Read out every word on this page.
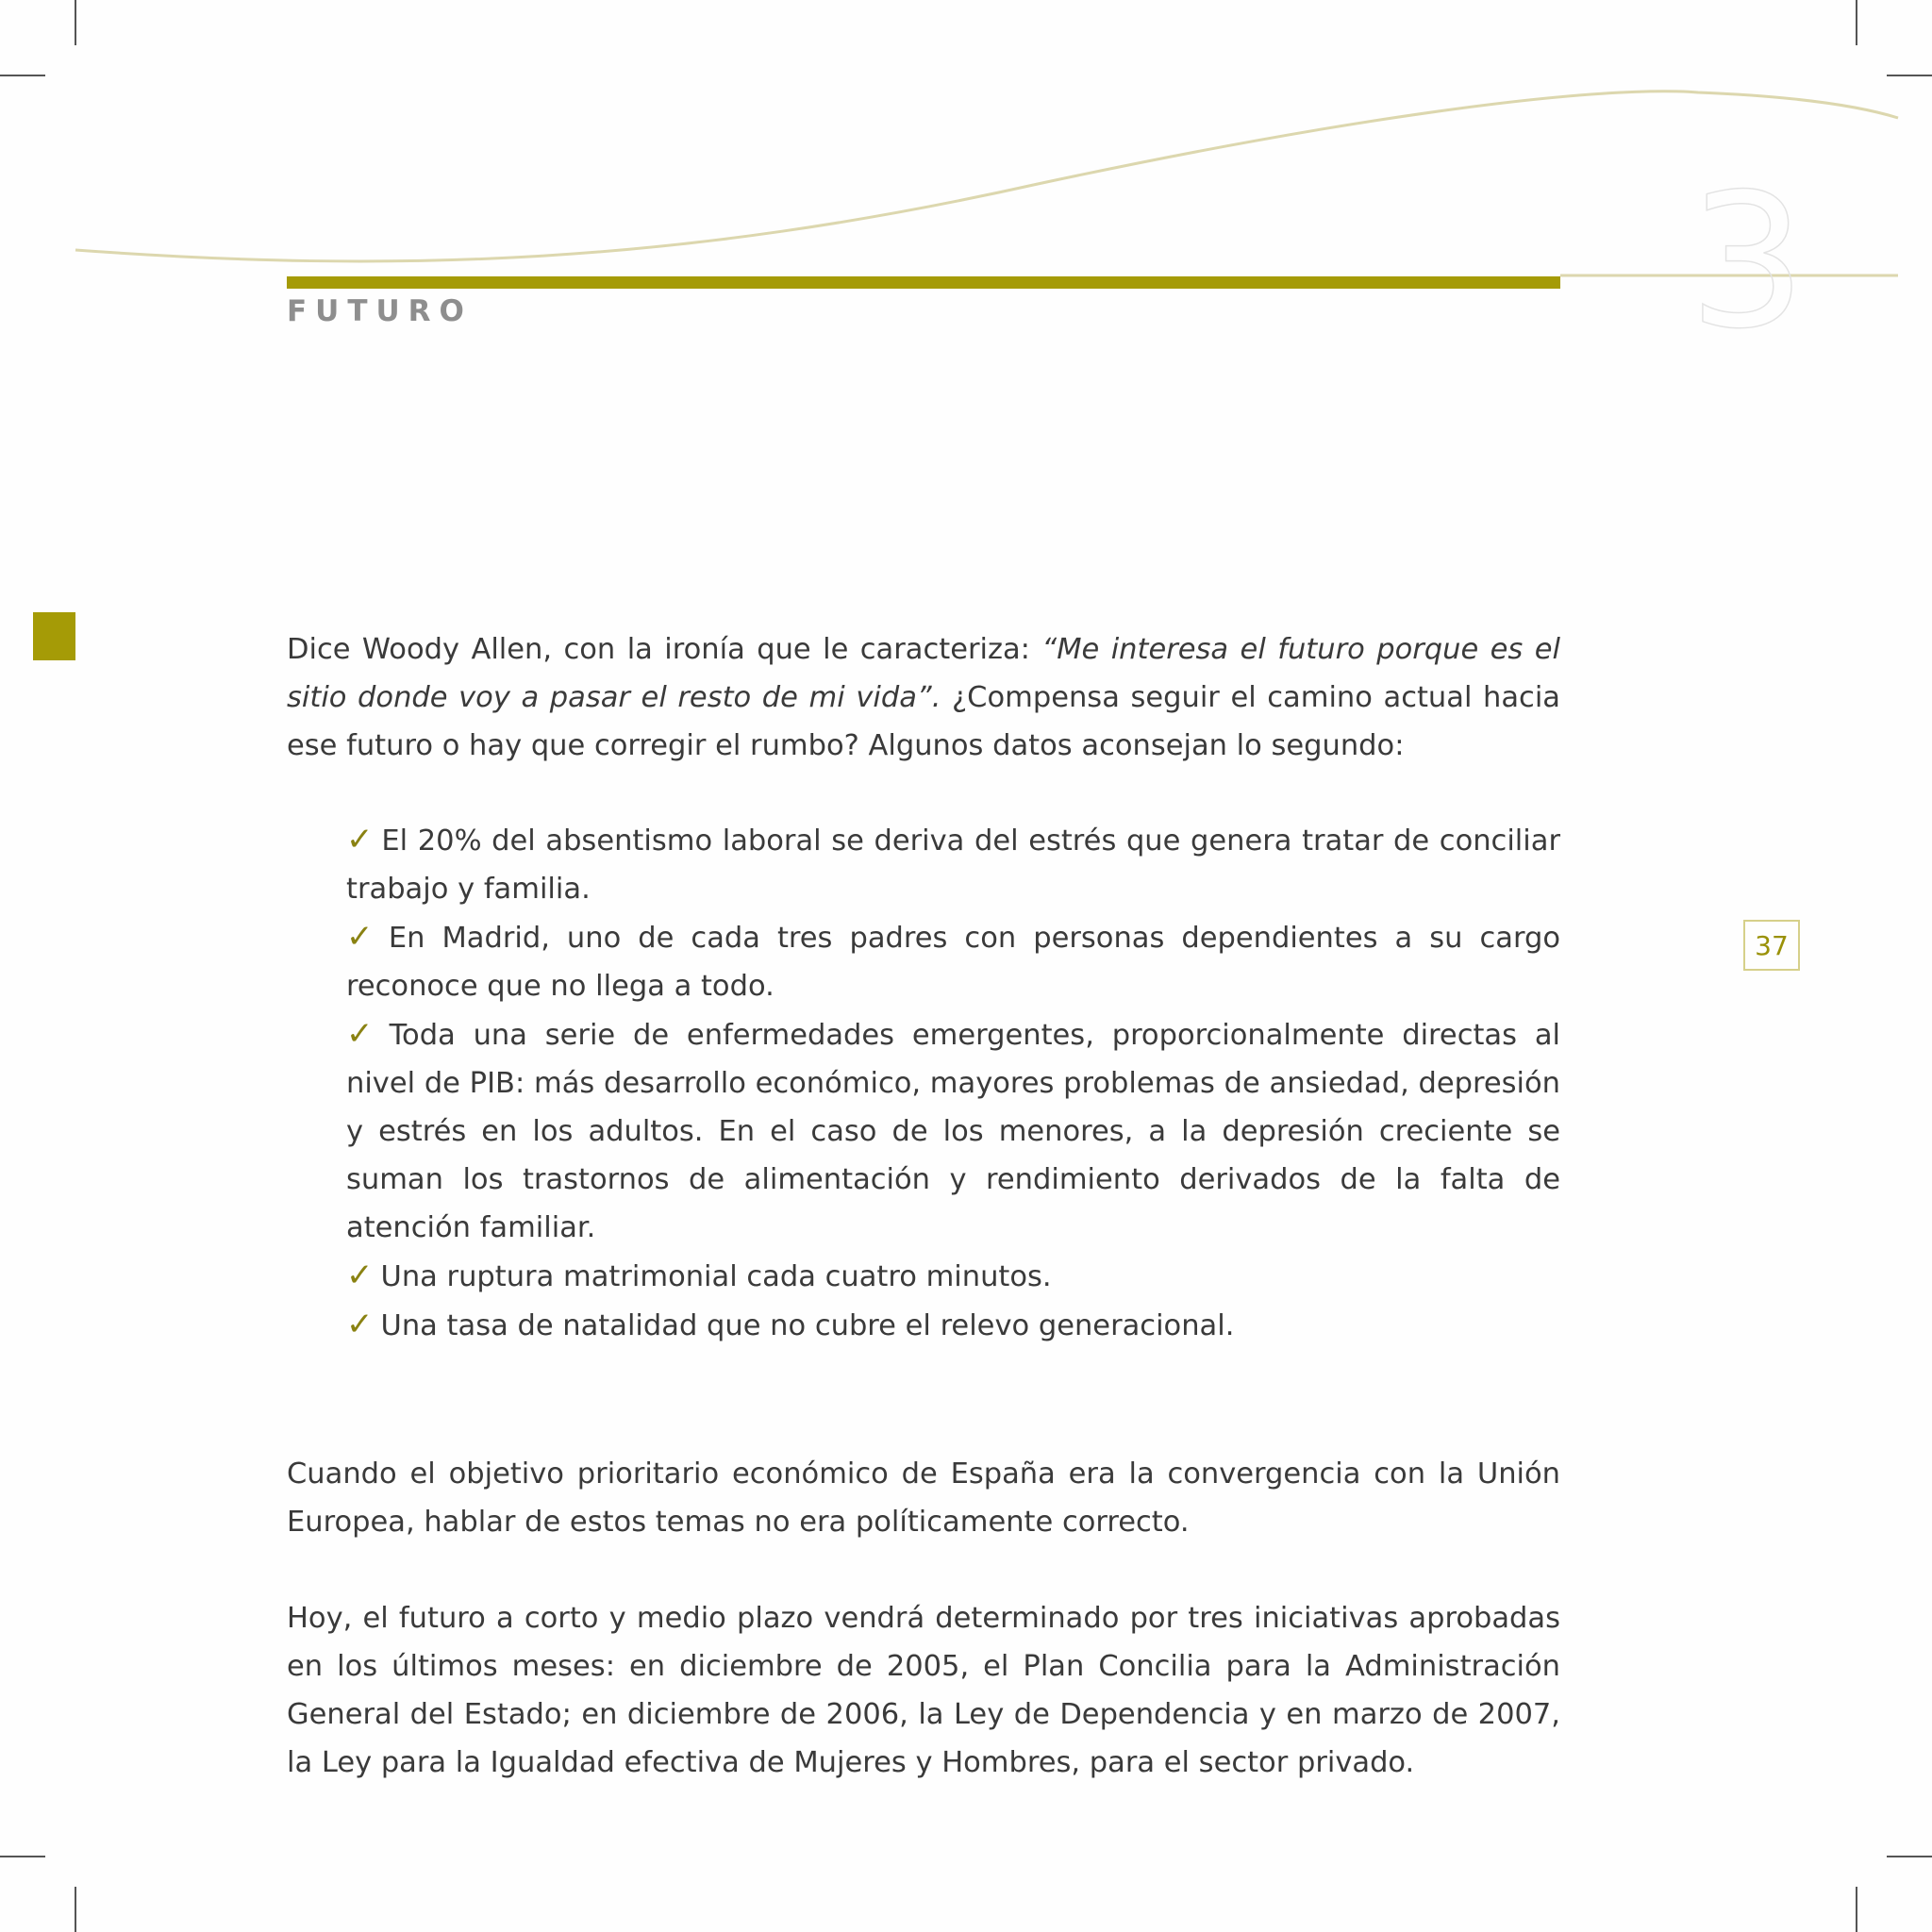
3
FUTURO
37

Dice Woody Allen, con la ironía que le caracteriza: “Me interesa el futuro porque es el sitio donde voy a pasar el resto de mi vida”. ¿Compensa seguir el camino actual hacia ese futuro o hay que corregir el rumbo? Algunos datos aconsejan lo segundo:

✓ El 20% del absentismo laboral se deriva del estrés que genera tratar de conciliar trabajo y familia.
✓ En Madrid, uno de cada tres padres con personas dependientes a su cargo reconoce que no llega a todo.
✓ Toda una serie de enfermedades emergentes, proporcionalmente directas al nivel de PIB: más desarrollo económico, mayores problemas de ansiedad, depresión y estrés en los adultos. En el caso de los menores, a la depresión creciente se suman los trastornos de alimentación y rendimiento derivados de la falta de atención familiar.
✓ Una ruptura matrimonial cada cuatro minutos.
✓ Una tasa de natalidad que no cubre el relevo generacional.

Cuando el objetivo prioritario económico de España era la convergencia con la Unión Europea, hablar de estos temas no era políticamente correcto.

Hoy, el futuro a corto y medio plazo vendrá determinado por tres iniciativas aprobadas en los últimos meses: en diciembre de 2005, el Plan Concilia para la Administración General del Estado; en diciembre de 2006, la Ley de Dependencia y en marzo de 2007, la Ley para la Igualdad efectiva de Mujeres y Hombres, para el sector privado.
